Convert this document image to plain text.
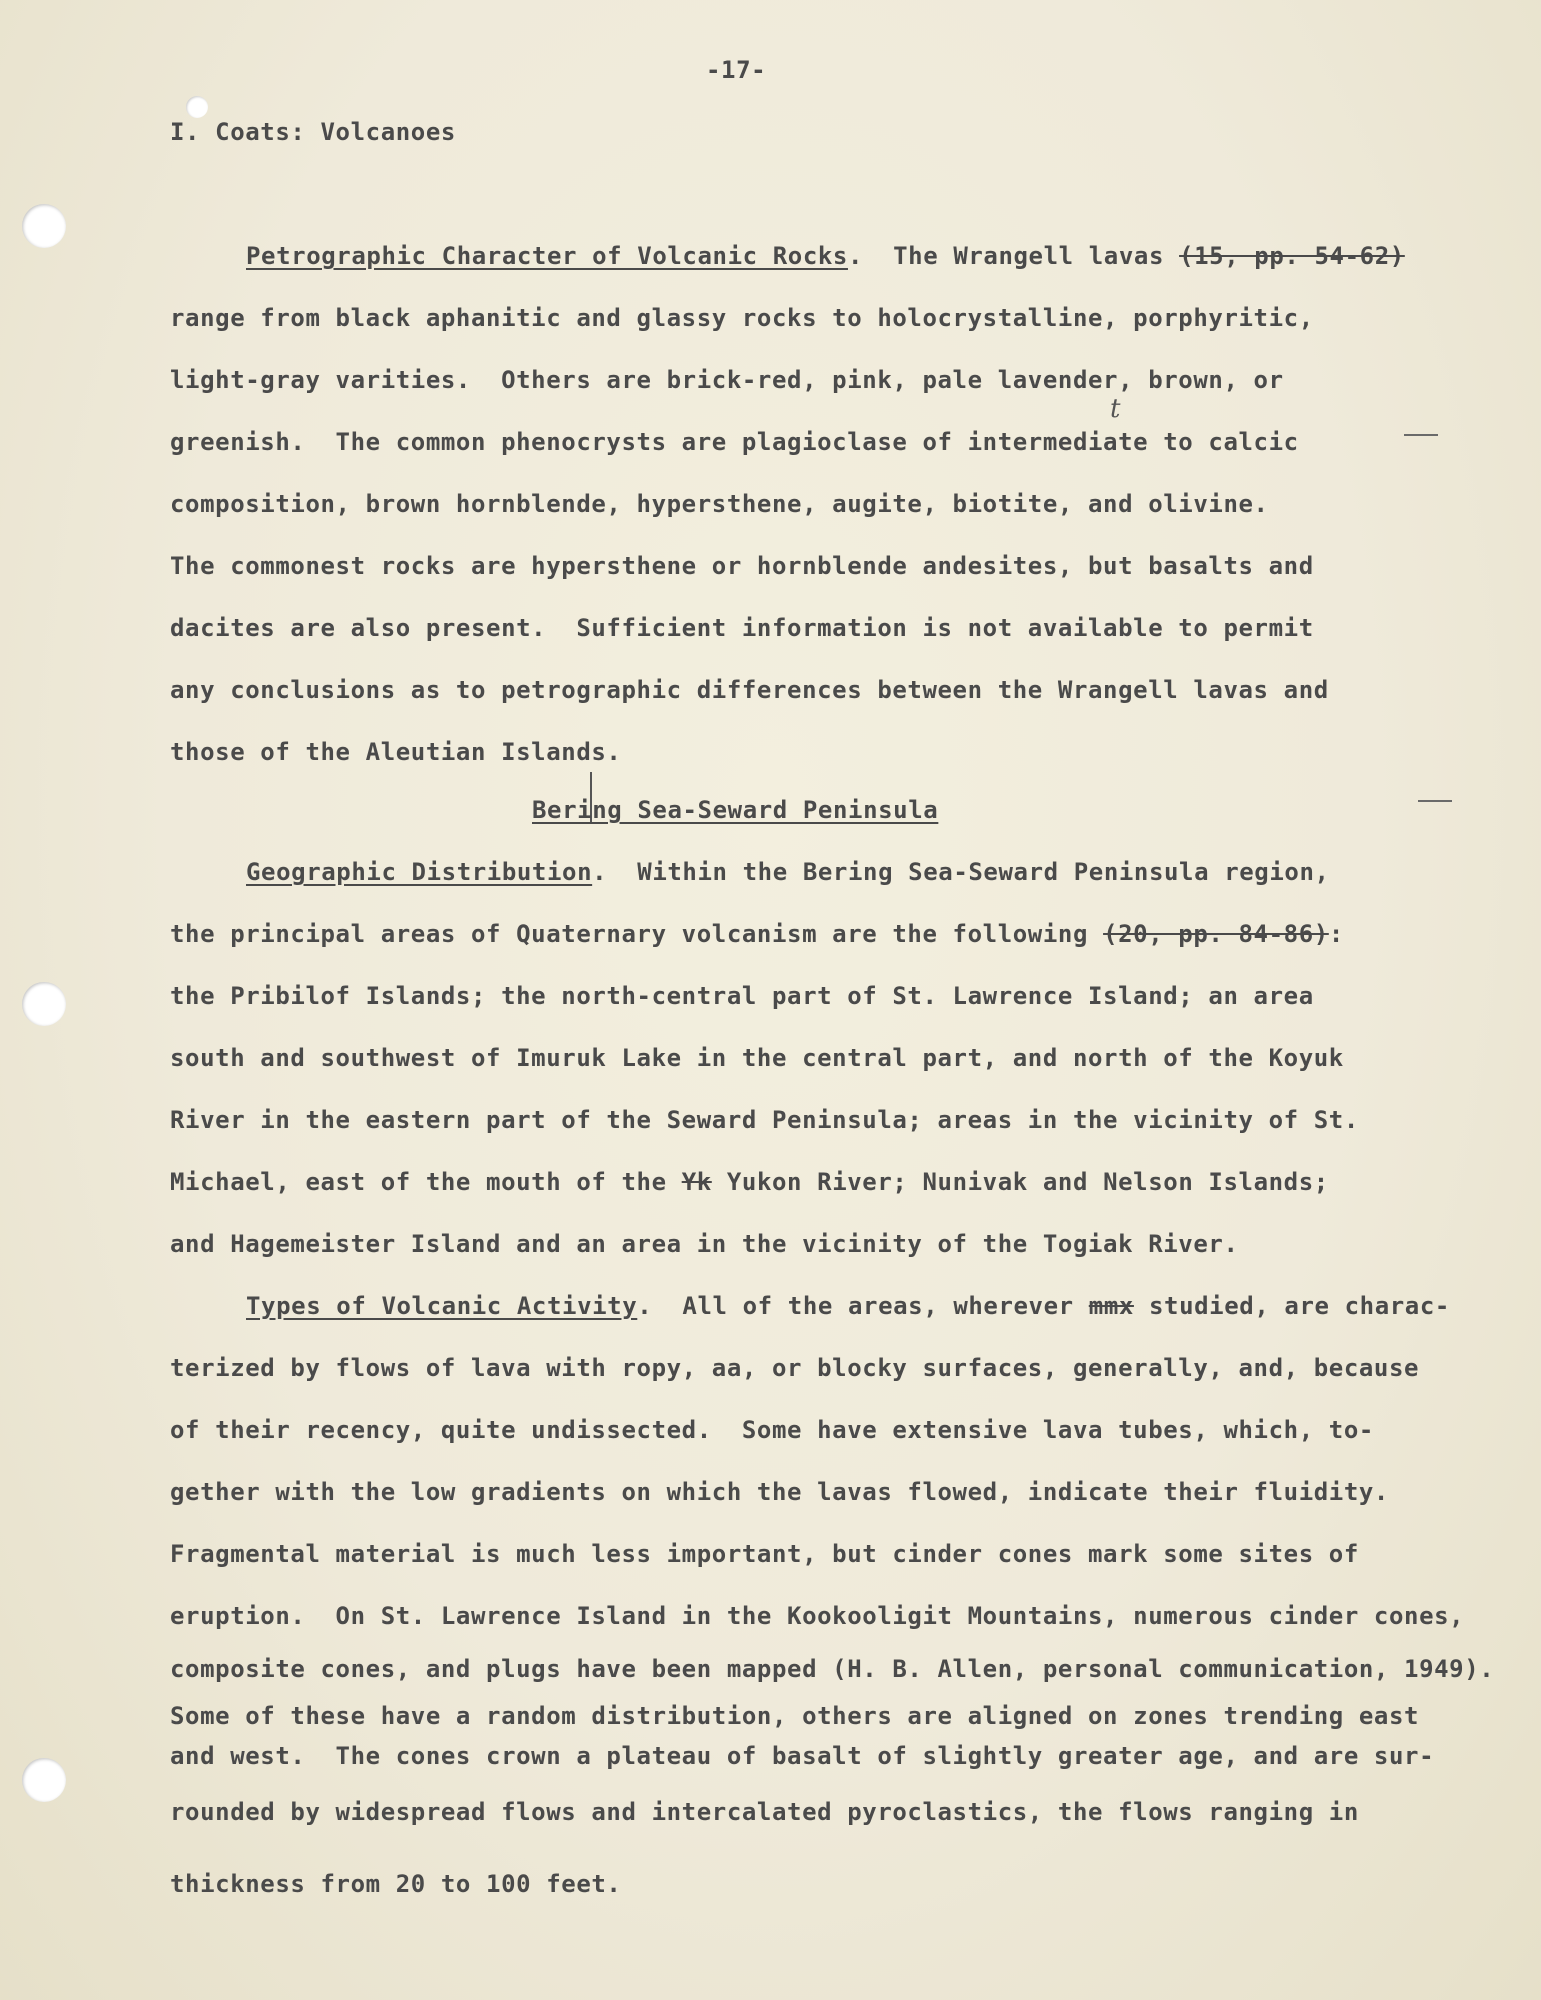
-17-
I. Coats: Volcanoes
t
Petrographic Character of Volcanic Rocks.  The Wrangell lavas (15, pp. 54-62)
range from black aphanitic and glassy rocks to holocrystalline, porphyritic,
light-gray varities.  Others are brick-red, pink, pale lavender, brown, or
greenish.  The common phenocrysts are plagioclase of intermediate to calcic
composition, brown hornblende, hypersthene, augite, biotite, and olivine.
The commonest rocks are hypersthene or hornblende andesites, but basalts and
dacites are also present.  Sufficient information is not available to permit
any conclusions as to petrographic differences between the Wrangell lavas and
those of the Aleutian Islands.
Bering Sea-Seward Peninsula
Geographic Distribution.  Within the Bering Sea-Seward Peninsula region,
the principal areas of Quaternary volcanism are the following (20, pp. 84-86):
the Pribilof Islands; the north-central part of St. Lawrence Island; an area
south and southwest of Imuruk Lake in the central part, and north of the Koyuk
River in the eastern part of the Seward Peninsula; areas in the vicinity of St.
Michael, east of the mouth of the Yk Yukon River; Nunivak and Nelson Islands;
and Hagemeister Island and an area in the vicinity of the Togiak River.
Types of Volcanic Activity.  All of the areas, wherever mmx studied, are charac-
terized by flows of lava with ropy, aa, or blocky surfaces, generally, and, because
of their recency, quite undissected.  Some have extensive lava tubes, which, to-
gether with the low gradients on which the lavas flowed, indicate their fluidity.
Fragmental material is much less important, but cinder cones mark some sites of
eruption.  On St. Lawrence Island in the Kookooligit Mountains, numerous cinder cones,
composite cones, and plugs have been mapped (H. B. Allen, personal communication, 1949).
Some of these have a random distribution, others are aligned on zones trending east
and west.  The cones crown a plateau of basalt of slightly greater age, and are sur-
rounded by widespread flows and intercalated pyroclastics, the flows ranging in
thickness from 20 to 100 feet.
